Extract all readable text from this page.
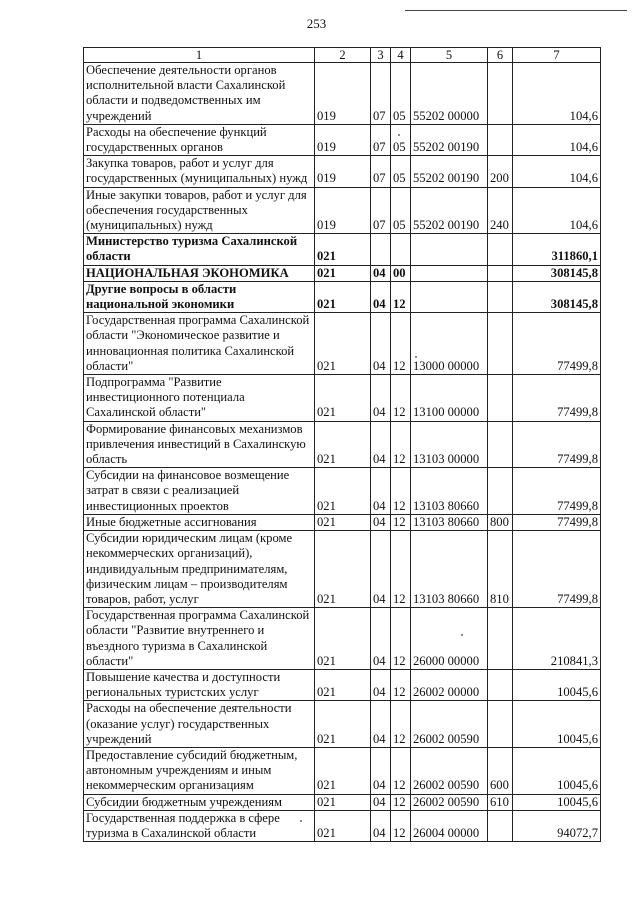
253
1	2	3	4	5	6	7
Обеспечение деятельности органов исполнительной власти Сахалинской области и подведомственных им учреждений	019	07	05	55202 00000		104,6
Расходы на обеспечение функций государственных органов	019	07	05	55202 00190		104,6
Закупка товаров, работ и услуг для государственных (муниципальных) нужд	019	07	05	55202 00190	200	104,6
Иные закупки товаров, работ и услуг для обеспечения государственных (муниципальных) нужд	019	07	05	55202 00190	240	104,6
Министерство туризма Сахалинской области	021					311860,1
НАЦИОНАЛЬНАЯ ЭКОНОМИКА	021	04	00			308145,8
Другие вопросы в области национальной экономики	021	04	12			308145,8
Государственная программа Сахалинской области "Экономическое развитие и инновационная политика Сахалинской области"	021	04	12	13000 00000		77499,8
Подпрограмма "Развитие инвестиционного потенциала Сахалинской области"	021	04	12	13100 00000		77499,8
Формирование финансовых механизмов привлечения инвестиций в Сахалинскую область	021	04	12	13103 00000		77499,8
Субсидии на финансовое возмещение затрат в связи с реализацией инвестиционных проектов	021	04	12	13103 80660		77499,8
Иные бюджетные ассигнования	021	04	12	13103 80660	800	77499,8
Субсидии юридическим лицам (кроме некоммерческих организаций), индивидуальным предпринимателям, физическим лицам – производителям товаров, работ, услуг	021	04	12	13103 80660	810	77499,8
Государственная программа Сахалинской области "Развитие внутреннего и въездного туризма в Сахалинской области"	021	04	12	26000 00000		210841,3
Повышение качества и доступности региональных туристских услуг	021	04	12	26002 00000		10045,6
Расходы на обеспечение деятельности (оказание услуг) государственных учреждений	021	04	12	26002 00590		10045,6
Предоставление субсидий бюджетным, автономным учреждениям и иным некоммерческим организациям	021	04	12	26002 00590	600	10045,6
Субсидии бюджетным учреждениям	021	04	12	26002 00590	610	10045,6
Государственная поддержка в сфере туризма в Сахалинской области	021	04	12	26004 00000		94072,7
